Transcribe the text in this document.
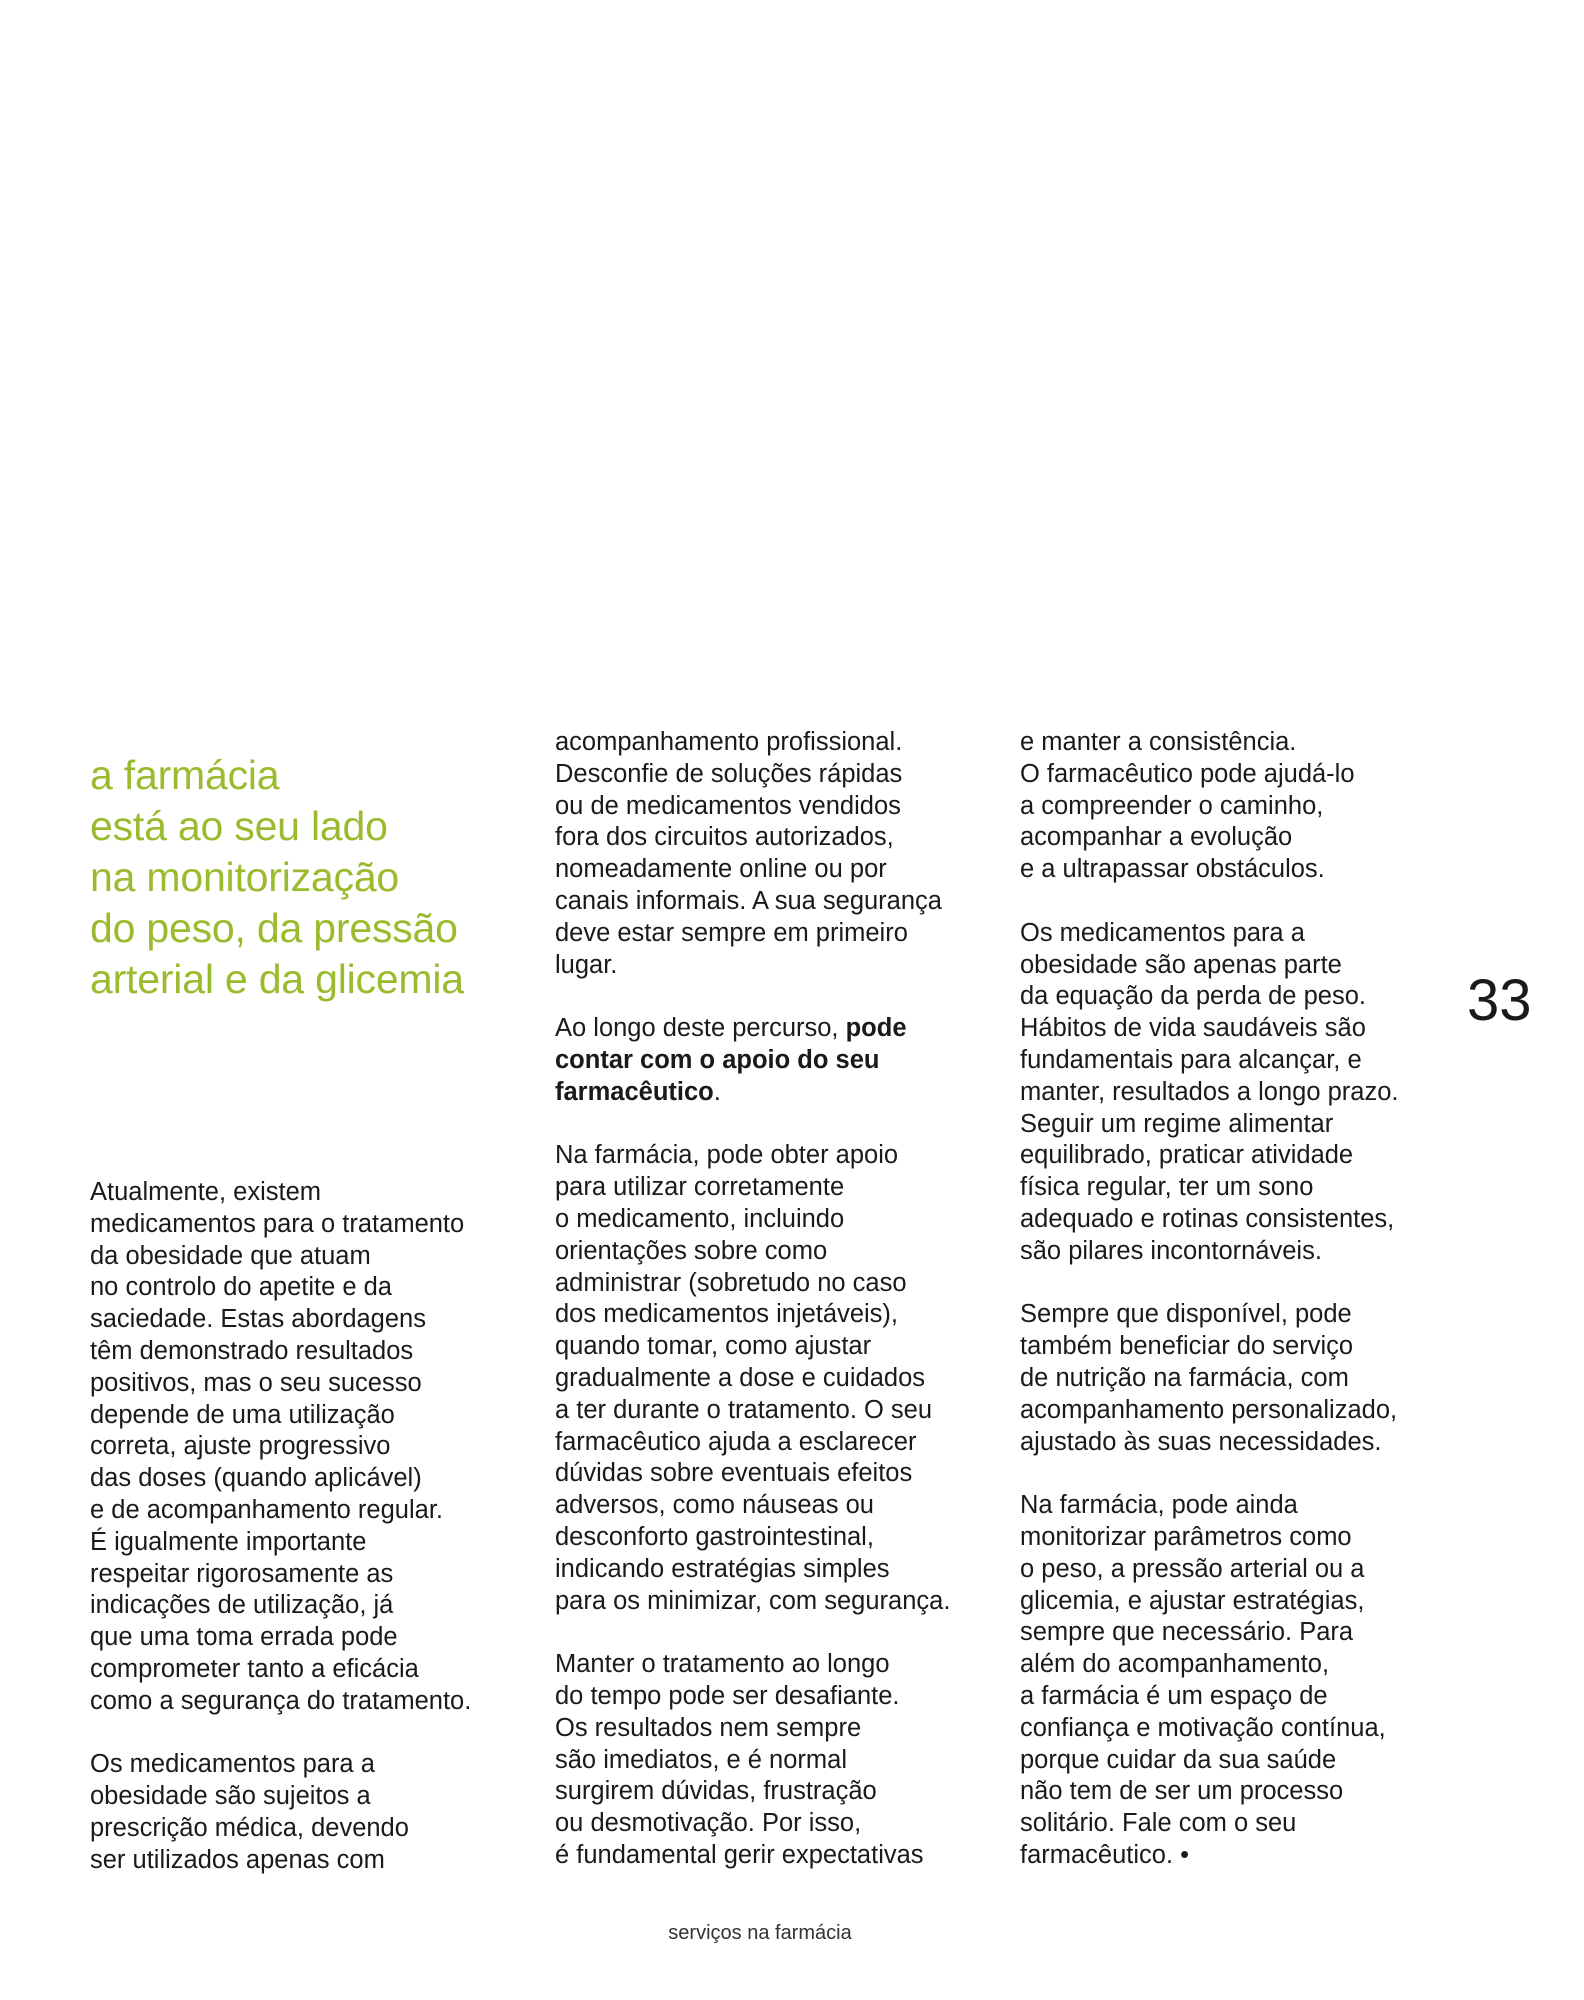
a farmácia
está ao seu lado
na monitorização
do peso, da pressão
arterial e da glicemia
Atualmente, existem
medicamentos para o tratamento
da obesidade que atuam
no controlo do apetite e da
saciedade. Estas abordagens
têm demonstrado resultados
positivos, mas o seu sucesso
depende de uma utilização
correta, ajuste progressivo
das doses (quando aplicável)
e de acompanhamento regular.
É igualmente importante
respeitar rigorosamente as
indicações de utilização, já
que uma toma errada pode
comprometer tanto a eficácia
como a segurança do tratamento.
Os medicamentos para a
obesidade são sujeitos a
prescrição médica, devendo
ser utilizados apenas com
acompanhamento profissional.
Desconfie de soluções rápidas
ou de medicamentos vendidos
fora dos circuitos autorizados,
nomeadamente online ou por
canais informais. A sua segurança
deve estar sempre em primeiro
lugar.
Ao longo deste percurso, pode
contar com o apoio do seu
farmacêutico.
Na farmácia, pode obter apoio
para utilizar corretamente
o medicamento, incluindo
orientações sobre como
administrar (sobretudo no caso
dos medicamentos injetáveis),
quando tomar, como ajustar
gradualmente a dose e cuidados
a ter durante o tratamento. O seu
farmacêutico ajuda a esclarecer
dúvidas sobre eventuais efeitos
adversos, como náuseas ou
desconforto gastrointestinal,
indicando estratégias simples
para os minimizar, com segurança.
Manter o tratamento ao longo
do tempo pode ser desafiante.
Os resultados nem sempre
são imediatos, e é normal
surgirem dúvidas, frustração
ou desmotivação. Por isso,
é fundamental gerir expectativas
e manter a consistência.
O farmacêutico pode ajudá-lo
a compreender o caminho,
acompanhar a evolução
e a ultrapassar obstáculos.
Os medicamentos para a
obesidade são apenas parte
da equação da perda de peso.
Hábitos de vida saudáveis são
fundamentais para alcançar, e
manter, resultados a longo prazo.
Seguir um regime alimentar
equilibrado, praticar atividade
física regular, ter um sono
adequado e rotinas consistentes,
são pilares incontornáveis.
Sempre que disponível, pode
também beneficiar do serviço
de nutrição na farmácia, com
acompanhamento personalizado,
ajustado às suas necessidades.
Na farmácia, pode ainda
monitorizar parâmetros como
o peso, a pressão arterial ou a
glicemia, e ajustar estratégias,
sempre que necessário. Para
além do acompanhamento,
a farmácia é um espaço de
confiança e motivação contínua,
porque cuidar da sua saúde
não tem de ser um processo
solitário. Fale com o seu
farmacêutico. •
33
serviços na farmácia
